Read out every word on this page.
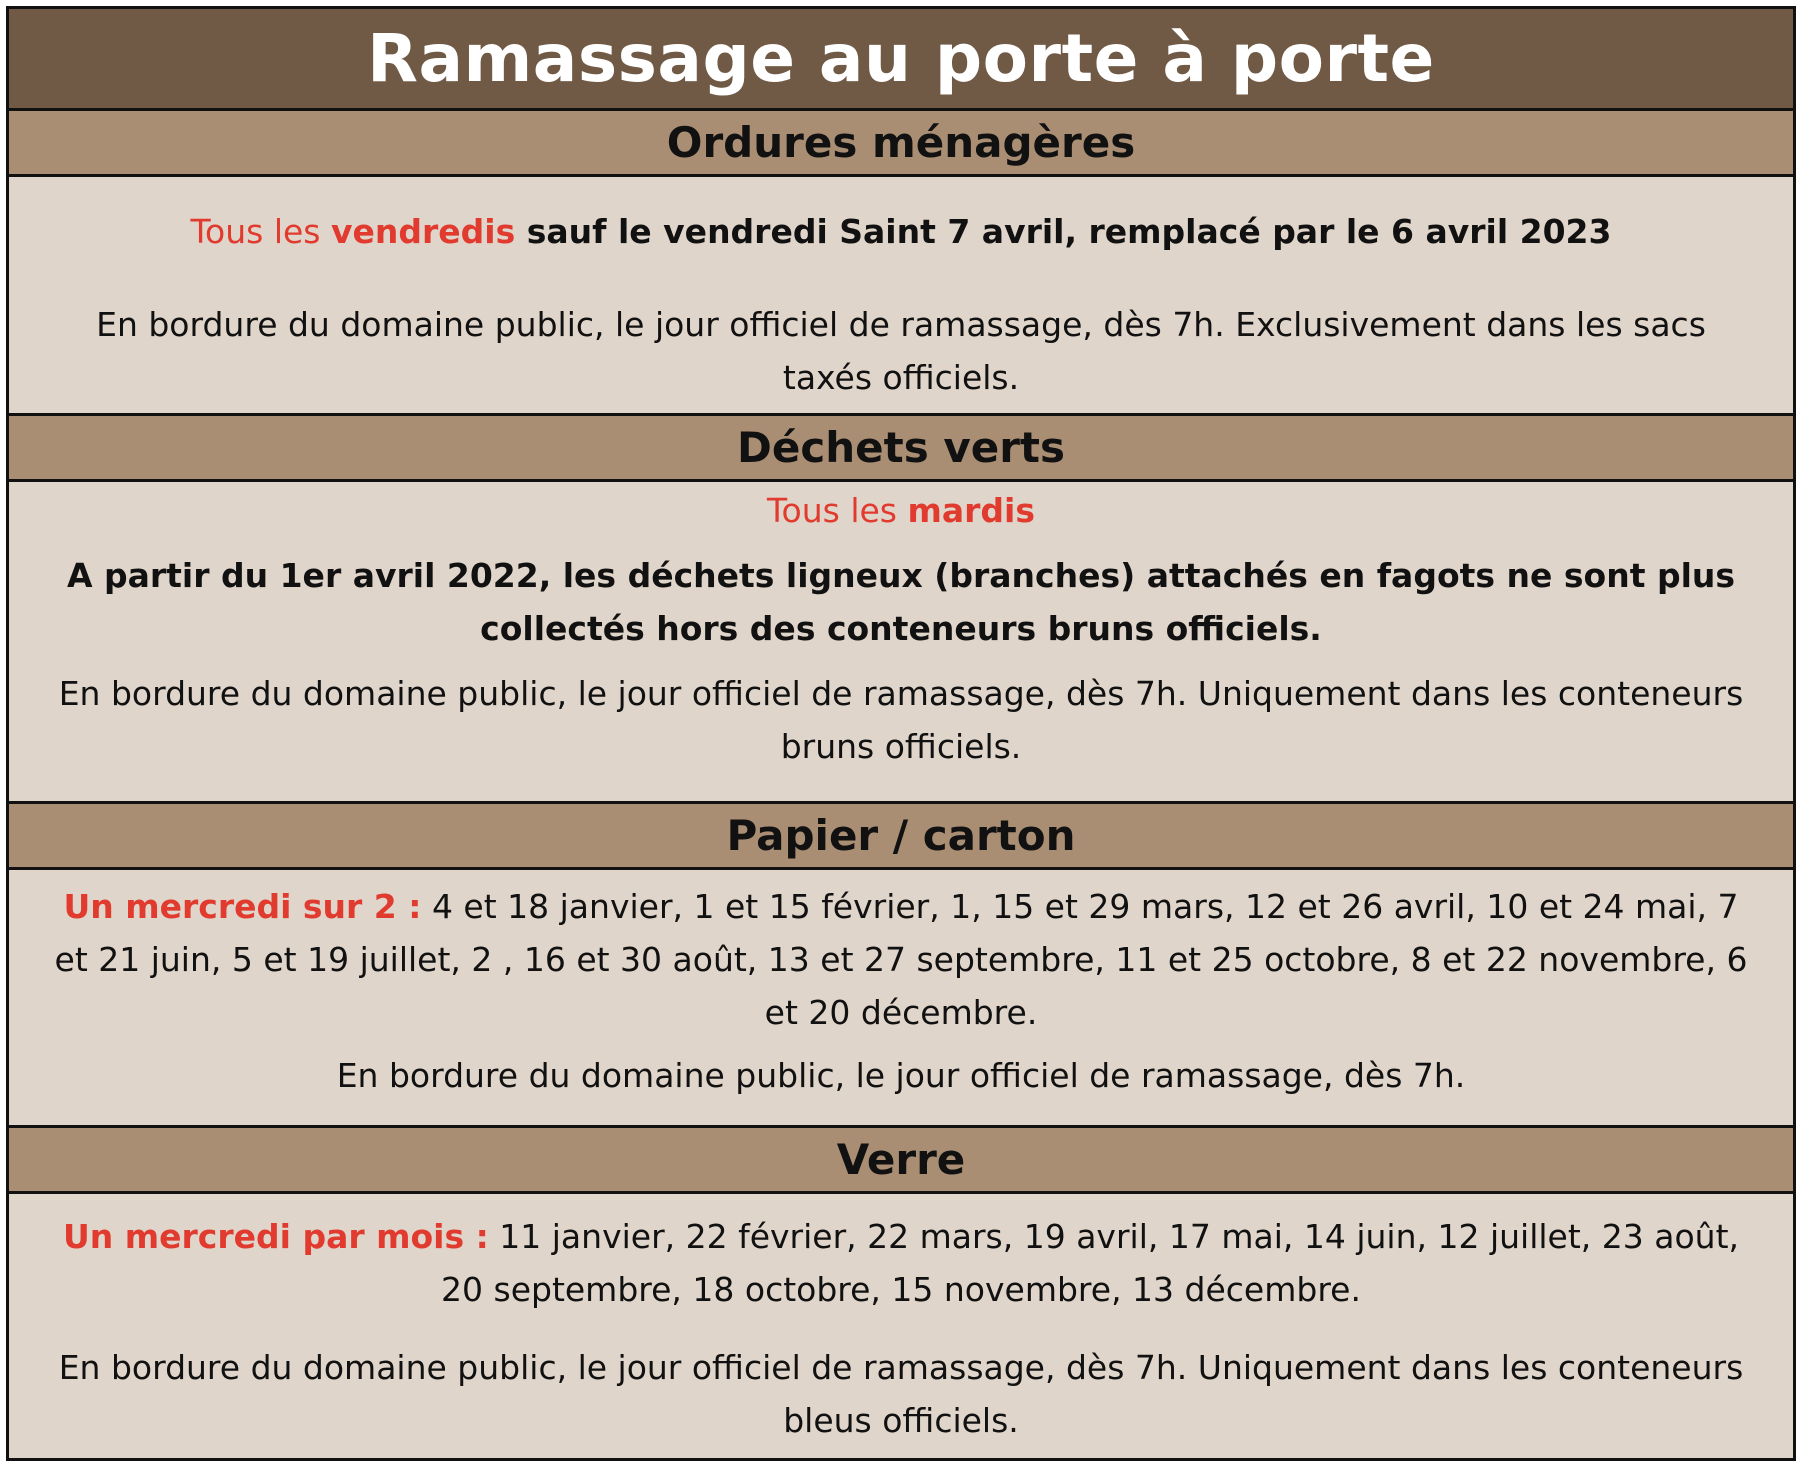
Ramassage au porte à porte
Ordures ménagères

Tous les vendredis sauf le vendredi Saint 7 avril, remplacé par le 6 avril 2023

En bordure du domaine public, le jour officiel de ramassage, dès 7h. Exclusivement dans les sacs taxés officiels.

Déchets verts

Tous les mardis

A partir du 1er avril 2022, les déchets ligneux (branches) attachés en fagots ne sont plus collectés hors des conteneurs bruns officiels.

En bordure du domaine public, le jour officiel de ramassage, dès 7h. Uniquement dans les conteneurs bruns officiels.

Papier / carton

Un mercredi sur 2 : 4 et 18 janvier, 1 et 15 février, 1, 15 et 29 mars, 12 et 26 avril, 10 et 24 mai, 7 et 21 juin, 5 et 19 juillet, 2 , 16 et 30 août, 13 et 27 septembre, 11 et 25 octobre, 8 et 22 novembre, 6 et 20 décembre.

En bordure du domaine public, le jour officiel de ramassage, dès 7h.

Verre

Un mercredi par mois : 11 janvier, 22 février, 22 mars, 19 avril, 17 mai, 14 juin, 12 juillet, 23 août, 20 septembre, 18 octobre, 15 novembre, 13 décembre.

En bordure du domaine public, le jour officiel de ramassage, dès 7h. Uniquement dans les conteneurs bleus officiels.
